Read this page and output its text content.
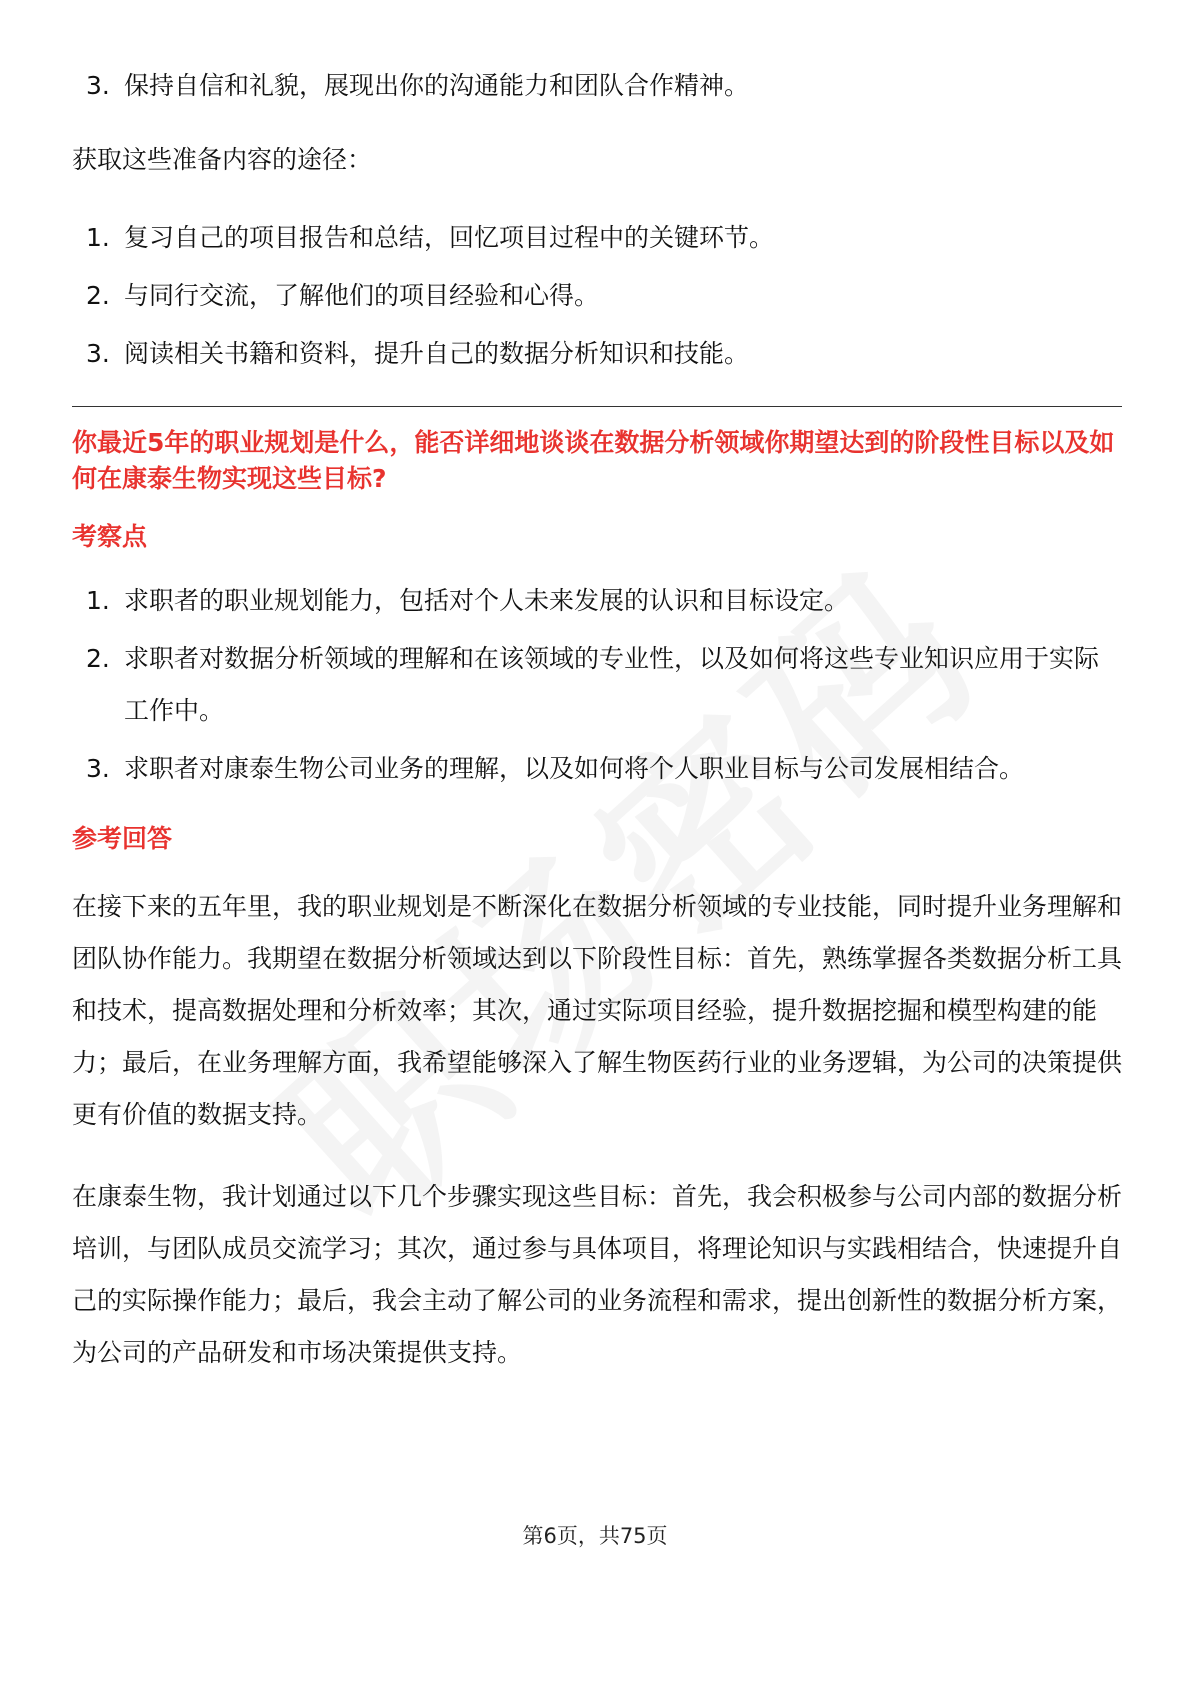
3. 保持自信和礼貌，展现出你的沟通能力和团队合作精神。

获取这些准备内容的途径：

1. 复习自己的项目报告和总结，回忆项目过程中的关键环节。
2. 与同行交流，了解他们的项目经验和心得。
3. 阅读相关书籍和资料，提升自己的数据分析知识和技能。

你最近5年的职业规划是什么，能否详细地谈谈在数据分析领域你期望达到的阶段性目标以及如何在康泰生物实现这些目标?

考察点

1. 求职者的职业规划能力，包括对个人未来发展的认识和目标设定。
2. 求职者对数据分析领域的理解和在该领域的专业性，以及如何将这些专业知识应用于实际工作中。
3. 求职者对康泰生物公司业务的理解，以及如何将个人职业目标与公司发展相结合。

参考回答

在接下来的五年里，我的职业规划是不断深化在数据分析领域的专业技能，同时提升业务理解和团队协作能力。我期望在数据分析领域达到以下阶段性目标：首先，熟练掌握各类数据分析工具和技术，提高数据处理和分析效率；其次，通过实际项目经验，提升数据挖掘和模型构建的能力；最后，在业务理解方面，我希望能够深入了解生物医药行业的业务逻辑，为公司的决策提供更有价值的数据支持。

在康泰生物，我计划通过以下几个步骤实现这些目标：首先，我会积极参与公司内部的数据分析培训，与团队成员交流学习；其次，通过参与具体项目，将理论知识与实践相结合，快速提升自己的实际操作能力；最后，我会主动了解公司的业务流程和需求，提出创新性的数据分析方案，为公司的产品研发和市场决策提供支持。

第6页，共75页
